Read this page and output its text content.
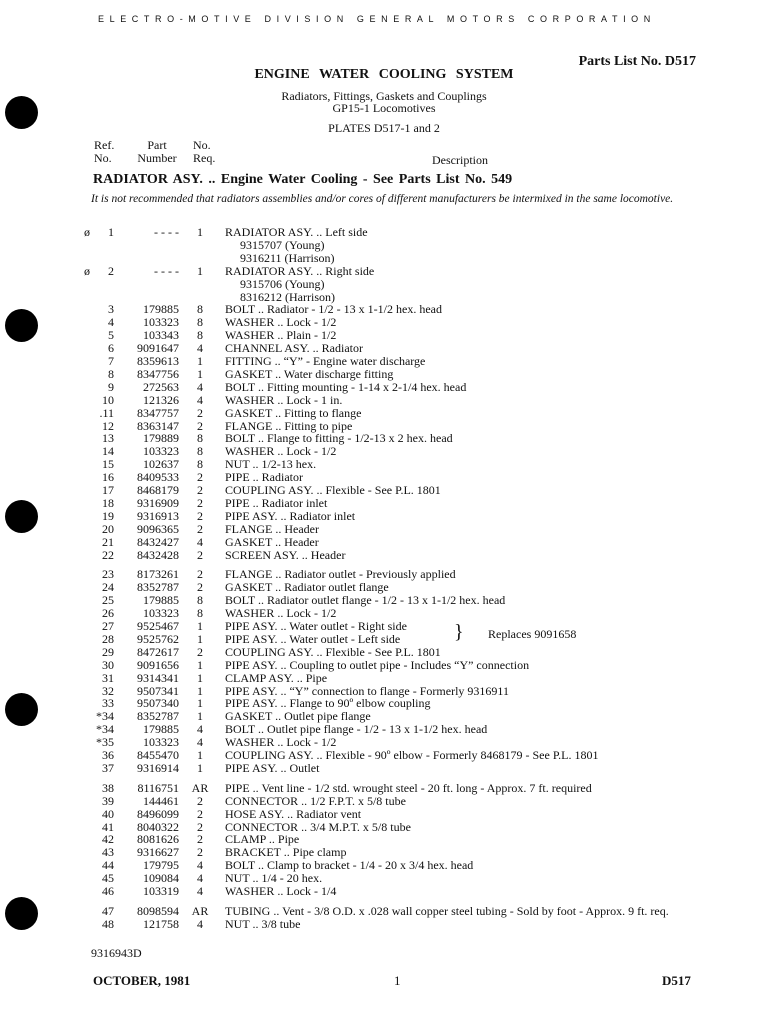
ELECTRO-MOTIVE DIVISION GENERAL MOTORS CORPORATION
Parts List No. D517
ENGINE WATER COOLING SYSTEM
Radiators, Fittings, Gaskets and Couplings
GP15-1 Locomotives
PLATES D517-1 and 2
Ref.
No.
Part
Number
No.
Req.	Description
RADIATOR ASY. .. Engine Water Cooling - See Parts List No. 549
It is not recommended that radiators assemblies and/or cores of different manufacturers be intermixed in the same locomotive.
ø	1	- - - -	1	RADIATOR ASY. .. Left side
9315707 (Young)
9316211 (Harrison)
ø	2	- - - -	1	RADIATOR ASY. .. Right side
9315706 (Young)
8316212 (Harrison)
3	179885	8	BOLT .. Radiator - 1/2 - 13 x 1-1/2 hex. head
4	103323	8	WASHER .. Lock - 1/2
5	103343	8	WASHER .. Plain - 1/2
6	9091647	4	CHANNEL ASY. .. Radiator
7	8359613	1	FITTING .. “Y” - Engine water discharge
8	8347756	1	GASKET .. Water discharge fitting
9	272563	4	BOLT .. Fitting mounting - 1-14 x 2-1/4 hex. head
10	121326	4	WASHER .. Lock - 1 in.
.11	8347757	2	GASKET .. Fitting to flange
12	8363147	2	FLANGE .. Fitting to pipe
13	179889	8	BOLT .. Flange to fitting - 1/2-13 x 2 hex. head
14	103323	8	WASHER .. Lock - 1/2
15	102637	8	NUT .. 1/2-13 hex.
16	8409533	2	PIPE .. Radiator
17	8468179	2	COUPLING ASY. .. Flexible - See P.L. 1801
18	9316909	2	PIPE .. Radiator inlet
19	9316913	2	PIPE ASY. .. Radiator inlet
20	9096365	2	FLANGE .. Header
21	8432427	4	GASKET .. Header
22	8432428	2	SCREEN ASY. .. Header
23	8173261	2	FLANGE .. Radiator outlet - Previously applied
24	8352787	2	GASKET .. Radiator outlet flange
25	179885	8	BOLT .. Radiator outlet flange - 1/2 - 13 x 1-1/2 hex. head
26	103323	8	WASHER .. Lock - 1/2
27	9525467	1	PIPE ASY. .. Water outlet - Right side
28	9525762	1	PIPE ASY. .. Water outlet - Left side
29	8472617	2	COUPLING ASY. .. Flexible - See P.L. 1801
30	9091656	1	PIPE ASY. .. Coupling to outlet pipe - Includes “Y” connection
31	9314341	1	CLAMP ASY. .. Pipe
32	9507341	1	PIPE ASY. .. “Y” connection to flange - Formerly 9316911
33	9507340	1	PIPE ASY. .. Flange to 90º elbow coupling
*34	8352787	1	GASKET .. Outlet pipe flange
*34	179885	4	BOLT .. Outlet pipe flange - 1/2 - 13 x 1-1/2 hex. head
*35	103323	4	WASHER .. Lock - 1/2
36	8455470	1	COUPLING ASY. .. Flexible - 90º elbow - Formerly 8468179 - See P.L. 1801
37	9316914	1	PIPE ASY. .. Outlet
38	8116751	AR	PIPE .. Vent line - 1/2 std. wrought steel - 20 ft. long - Approx. 7 ft. required
39	144461	2	CONNECTOR .. 1/2 F.P.T. x 5/8 tube
40	8496099	2	HOSE ASY. .. Radiator vent
41	8040322	2	CONNECTOR .. 3/4 M.P.T. x 5/8 tube
42	8081626	2	CLAMP .. Pipe
43	9316627	2	BRACKET .. Pipe clamp
44	179795	4	BOLT .. Clamp to bracket - 1/4 - 20 x 3/4 hex. head
45	109084	4	NUT .. 1/4 - 20 hex.
46	103319	4	WASHER .. Lock - 1/4
47	8098594	AR	TUBING .. Vent - 3/8 O.D. x .028 wall copper steel tubing - Sold by foot - Approx. 9 ft. req.
48	121758	4	NUT .. 3/8 tube
} Replaces 9091658
9316943D
OCTOBER, 1981	1	D517
